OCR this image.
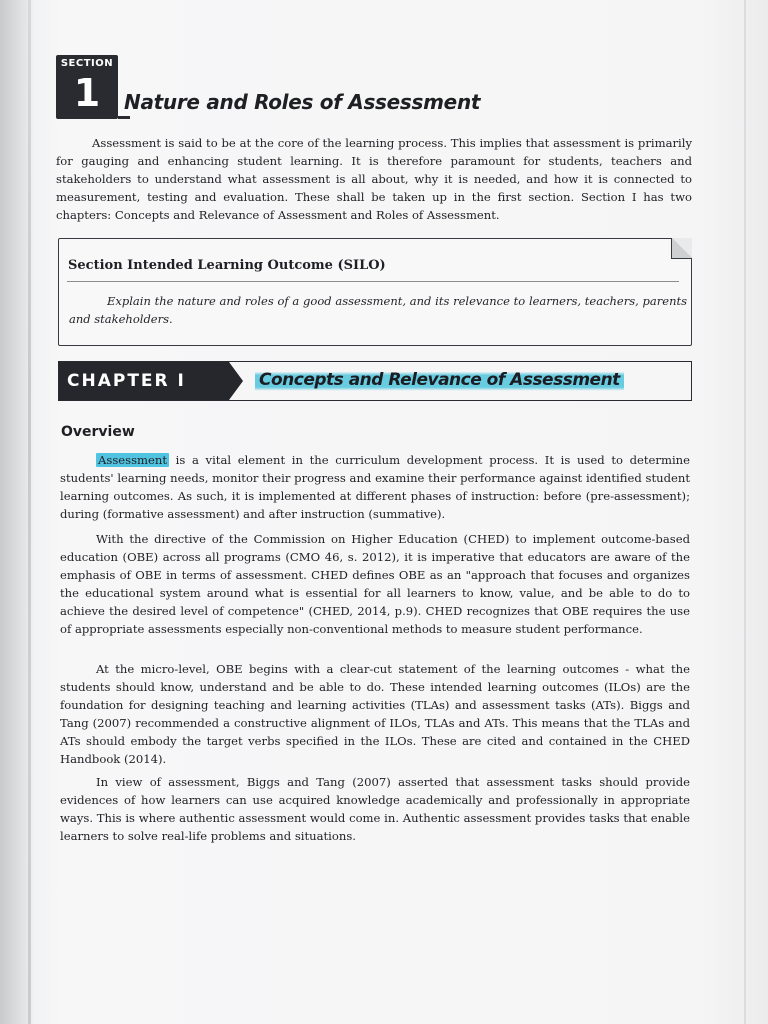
SECTION
1	Nature and Roles of Assessment
Assessment is said to be at the core of the learning process. This implies that assessment is primarily for gauging and enhancing student learning. It is therefore paramount for students, teachers and stakeholders to understand what assessment is all about, why it is needed, and how it is connected to measurement, testing and evaluation. These shall be taken up in the first section. Section I has two chapters: Concepts and Relevance of Assessment and Roles of Assessment.
Section Intended Learning Outcome (SILO)
Explain the nature and roles of a good assessment, and its relevance to learners, teachers, parents and stakeholders.
CHAPTER I	Concepts and Relevance of Assessment
Overview
Assessment is a vital element in the curriculum development process. It is used to determine students' learning needs, monitor their progress and examine their performance against identified student learning outcomes. As such, it is implemented at different phases of instruction: before (pre-assessment); during (formative assessment) and after instruction (summative).
With the directive of the Commission on Higher Education (CHED) to implement outcome-based education (OBE) across all programs (CMO 46, s. 2012), it is imperative that educators are aware of the emphasis of OBE in terms of assessment. CHED defines OBE as an "approach that focuses and organizes the educational system around what is essential for all learners to know, value, and be able to do to achieve the desired level of competence" (CHED, 2014, p.9). CHED recognizes that OBE requires the use of appropriate assessments especially non-conventional methods to measure student performance.
At the micro-level, OBE begins with a clear-cut statement of the learning outcomes - what the students should know, understand and be able to do. These intended learning outcomes (ILOs) are the foundation for designing teaching and learning activities (TLAs) and assessment tasks (ATs). Biggs and Tang (2007) recommended a constructive alignment of ILOs, TLAs and ATs. This means that the TLAs and ATs should embody the target verbs specified in the ILOs. These are cited and contained in the CHED Handbook (2014).
In view of assessment, Biggs and Tang (2007) asserted that assessment tasks should provide evidences of how learners can use acquired knowledge academically and professionally in appropriate ways. This is where authentic assessment would come in. Authentic assessment provides tasks that enable learners to solve real-life problems and situations.
